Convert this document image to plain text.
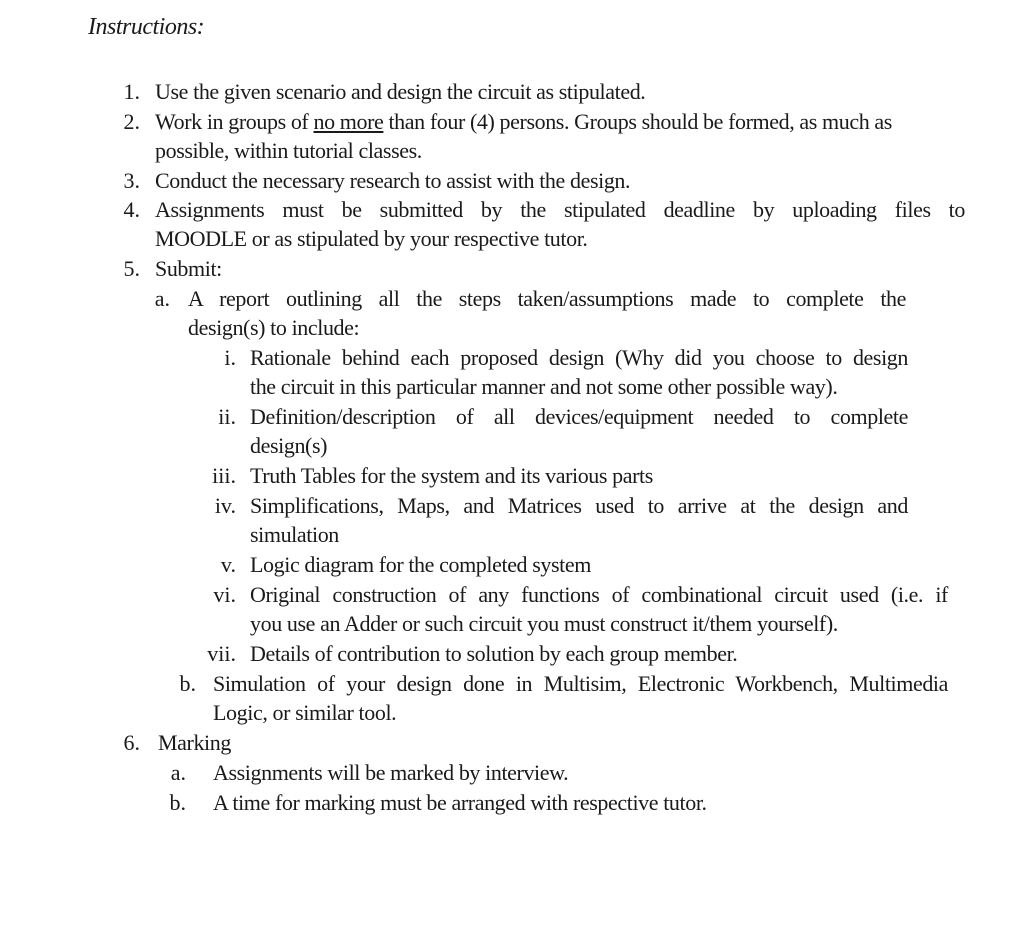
Instructions:
1. Use the given scenario and design the circuit as stipulated.
2. Work in groups of no more than four (4) persons. Groups should be formed, as much as
possible, within tutorial classes.
3. Conduct the necessary research to assist with the design.
4. Assignments must be submitted by the stipulated deadline by uploading files to
MOODLE or as stipulated by your respective tutor.
5. Submit:
a. A report outlining all the steps taken/assumptions made to complete the
design(s) to include:
i. Rationale behind each proposed design (Why did you choose to design
the circuit in this particular manner and not some other possible way).
ii. Definition/description of all devices/equipment needed to complete
design(s)
iii. Truth Tables for the system and its various parts
iv. Simplifications, Maps, and Matrices used to arrive at the design and
simulation
v. Logic diagram for the completed system
vi. Original construction of any functions of combinational circuit used (i.e. if
you use an Adder or such circuit you must construct it/them yourself).
vii. Details of contribution to solution by each group member.
b. Simulation of your design done in Multisim, Electronic Workbench, Multimedia
Logic, or similar tool.
6. Marking
a. Assignments will be marked by interview.
b. A time for marking must be arranged with respective tutor.
